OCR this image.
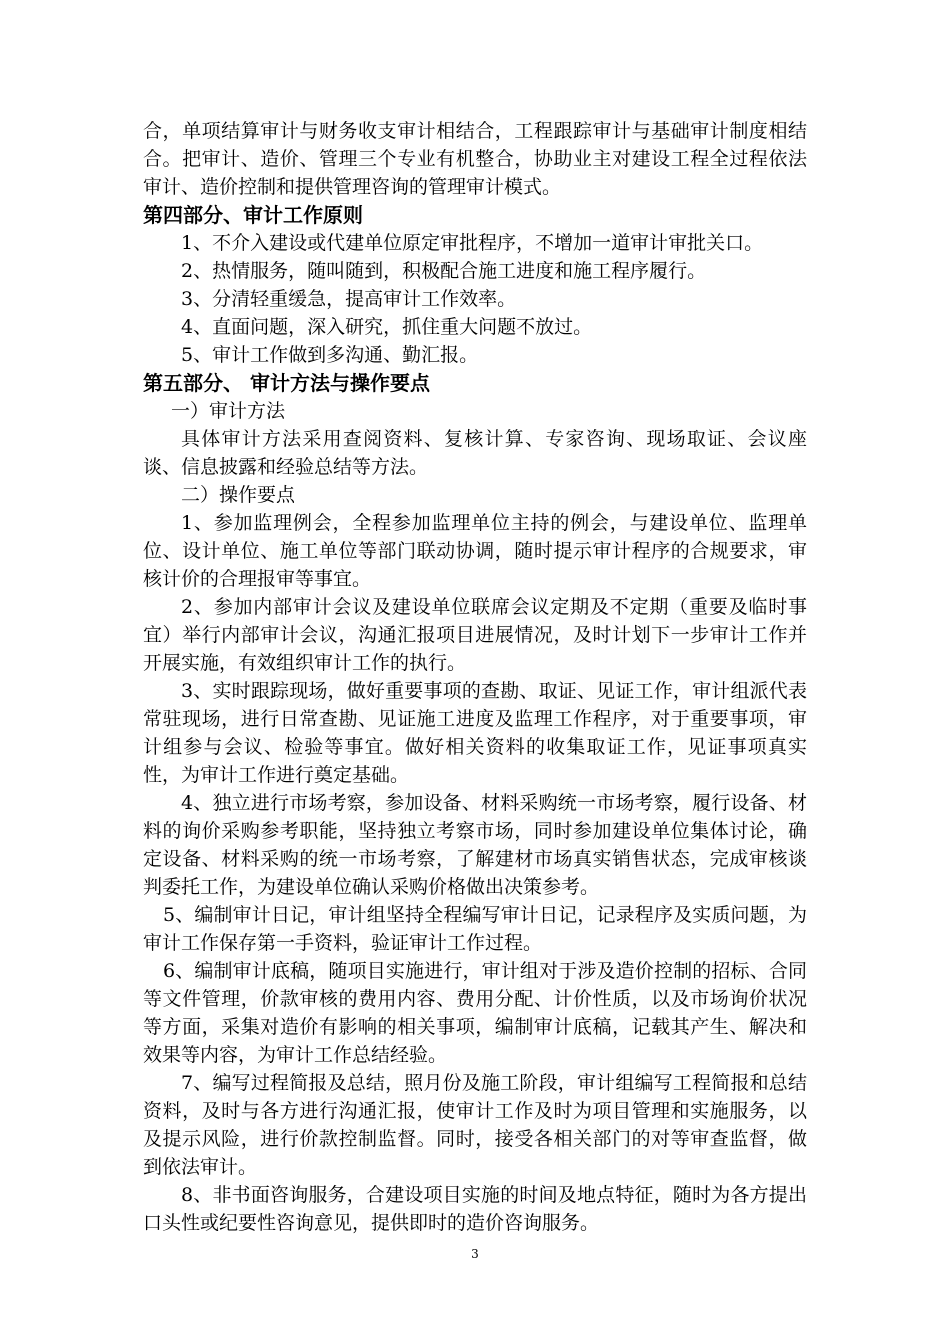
合，单项结算审计与财务收支审计相结合，工程跟踪审计与基础审计制度相结合。把审计、造价、管理三个专业有机整合，协助业主对建设工程全过程依法审计、造价控制和提供管理咨询的管理审计模式。

第四部分、审计工作原则

1、不介入建设或代建单位原定审批程序，不增加一道审计审批关口。

2、热情服务，随叫随到，积极配合施工进度和施工程序履行。

3、分清轻重缓急，提高审计工作效率。

4、直面问题，深入研究，抓住重大问题不放过。

5、审计工作做到多沟通、勤汇报。

第五部分、 审计方法与操作要点

一）审计方法

具体审计方法采用查阅资料、复核计算、专家咨询、现场取证、会议座谈、信息披露和经验总结等方法。

二）操作要点

1、参加监理例会，全程参加监理单位主持的例会，与建设单位、监理单位、设计单位、施工单位等部门联动协调，随时提示审计程序的合规要求，审核计价的合理报审等事宜。

2、参加内部审计会议及建设单位联席会议定期及不定期（重要及临时事宜）举行内部审计会议，沟通汇报项目进展情况，及时计划下一步审计工作并开展实施，有效组织审计工作的执行。

3、实时跟踪现场，做好重要事项的查勘、取证、见证工作，审计组派代表常驻现场，进行日常查勘、见证施工进度及监理工作程序，对于重要事项，审计组参与会议、检验等事宜。做好相关资料的收集取证工作，见证事项真实性，为审计工作进行奠定基础。

4、独立进行市场考察，参加设备、材料采购统一市场考察，履行设备、材料的询价采购参考职能，坚持独立考察市场，同时参加建设单位集体讨论，确定设备、材料采购的统一市场考察，了解建材市场真实销售状态，完成审核谈判委托工作，为建设单位确认采购价格做出决策参考。

5、编制审计日记，审计组坚持全程编写审计日记，记录程序及实质问题，为审计工作保存第一手资料，验证审计工作过程。

6、编制审计底稿，随项目实施进行，审计组对于涉及造价控制的招标、合同等文件管理，价款审核的费用内容、费用分配、计价性质，以及市场询价状况等方面，采集对造价有影响的相关事项，编制审计底稿，记载其产生、解决和效果等内容，为审计工作总结经验。

7、编写过程简报及总结，照月份及施工阶段，审计组编写工程简报和总结资料，及时与各方进行沟通汇报，使审计工作及时为项目管理和实施服务，以及提示风险，进行价款控制监督。同时，接受各相关部门的对等审查监督，做到依法审计。

8、非书面咨询服务，合建设项目实施的时间及地点特征，随时为各方提出口头性或纪要性咨询意见，提供即时的造价咨询服务。

3
